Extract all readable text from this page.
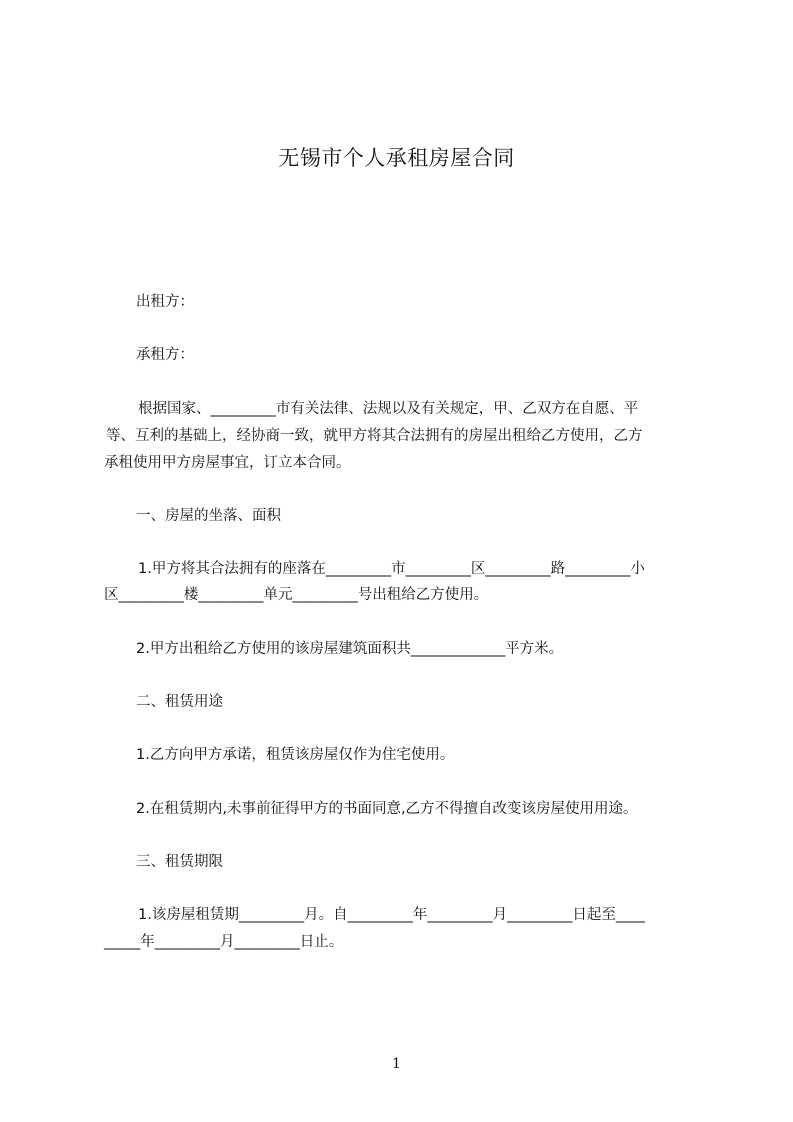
无锡市个人承租房屋合同
出租方：
承租方：
根据国家、_________市有关法律、法规以及有关规定，甲、乙双方在自愿、平
等、互利的基础上，经协商一致，就甲方将其合法拥有的房屋出租给乙方使用，乙方
承租使用甲方房屋事宜，订立本合同。
一、房屋的坐落、面积
1.甲方将其合法拥有的座落在_________市_________区_________路_________小
区_________楼_________单元_________号出租给乙方使用。
2.甲方出租给乙方使用的该房屋建筑面积共_____________平方米。
二、租赁用途
1.乙方向甲方承诺，租赁该房屋仅作为住宅使用。
2.在租赁期内,未事前征得甲方的书面同意,乙方不得擅自改变该房屋使用用途。
三、租赁期限
1.该房屋租赁期_________月。自_________年_________月_________日起至____
_____年_________月_________日止。
1
